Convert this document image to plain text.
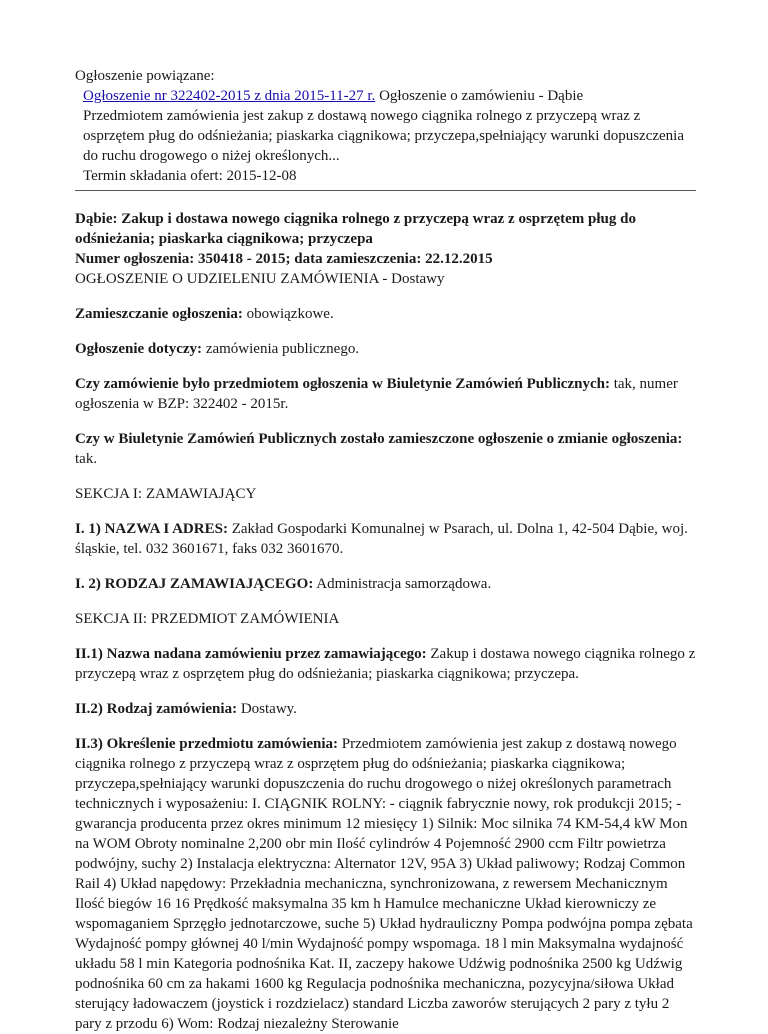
Ogłoszenie powiązane:
Ogłoszenie nr 322402-2015 z dnia 2015-11-27 r. Ogłoszenie o zamówieniu - Dąbie
Przedmiotem zamówienia jest zakup z dostawą nowego ciągnika rolnego z przyczepą wraz z osprzętem pług do odśnieżania; piaskarka ciągnikowa; przyczepa,spełniający warunki dopuszczenia do ruchu drogowego o niżej określonych...
Termin składania ofert: 2015-12-08
Dąbie: Zakup i dostawa nowego ciągnika rolnego z przyczepą wraz z osprzętem pług do odśnieżania; piaskarka ciągnikowa; przyczepa
Numer ogłoszenia: 350418 - 2015; data zamieszczenia: 22.12.2015
OGŁOSZENIE O UDZIELENIU ZAMÓWIENIA - Dostawy

Zamieszczanie ogłoszenia: obowiązkowe.

Ogłoszenie dotyczy: zamówienia publicznego.

Czy zamówienie było przedmiotem ogłoszenia w Biuletynie Zamówień Publicznych: tak, numer ogłoszenia w BZP: 322402 - 2015r.

Czy w Biuletynie Zamówień Publicznych zostało zamieszczone ogłoszenie o zmianie ogłoszenia: tak.

SEKCJA I: ZAMAWIAJĄCY

I. 1) NAZWA I ADRES: Zakład Gospodarki Komunalnej w Psarach, ul. Dolna 1, 42-504 Dąbie, woj. śląskie, tel. 032 3601671, faks 032 3601670.

I. 2) RODZAJ ZAMAWIAJĄCEGO: Administracja samorządowa.

SEKCJA II: PRZEDMIOT ZAMÓWIENIA

II.1) Nazwa nadana zamówieniu przez zamawiającego: Zakup i dostawa nowego ciągnika rolnego z przyczepą wraz z osprzętem pług do odśnieżania; piaskarka ciągnikowa; przyczepa.

II.2) Rodzaj zamówienia: Dostawy.

II.3) Określenie przedmiotu zamówienia: Przedmiotem zamówienia jest zakup z dostawą nowego ciągnika rolnego z przyczepą wraz z osprzętem pług do odśnieżania; piaskarka ciągnikowa; przyczepa,spełniający warunki dopuszczenia do ruchu drogowego o niżej określonych parametrach technicznych i wyposażeniu: I. CIĄGNIK ROLNY: - ciągnik fabrycznie nowy, rok produkcji 2015; - gwarancja producenta przez okres minimum 12 miesięcy 1) Silnik: Moc silnika 74 KM-54,4 kW Mon na WOM Obroty nominalne 2,200 obr min Ilość cylindrów 4 Pojemność 2900 ccm Filtr powietrza podwójny, suchy 2) Instalacja elektryczna: Alternator 12V, 95A 3) Układ paliwowy; Rodzaj Common Rail 4) Układ napędowy: Przekładnia mechaniczna, synchronizowana, z rewersem Mechanicznym Ilość biegów 16 16 Prędkość maksymalna 35 km h Hamulce mechaniczne Układ kierowniczy ze wspomaganiem Sprzęgło jednotarczowe, suche 5) Układ hydrauliczny Pompa podwójna pompa zębata Wydajność pompy głównej 40 l/min Wydajność pompy wspomaga. 18 l min Maksymalna wydajność układu 58 l min Kategoria podnośnika Kat. II, zaczepy hakowe Udźwig podnośnika 2500 kg Udźwig podnośnika 60 cm za hakami 1600 kg Regulacja podnośnika mechaniczna, pozycyjna/siłowa Układ sterujący ładowaczem (joystick i rozdzielacz) standard Liczba zaworów sterujących 2 pary z tyłu 2 pary z przodu 6) Wom: Rodzaj niezależny Sterowanie
